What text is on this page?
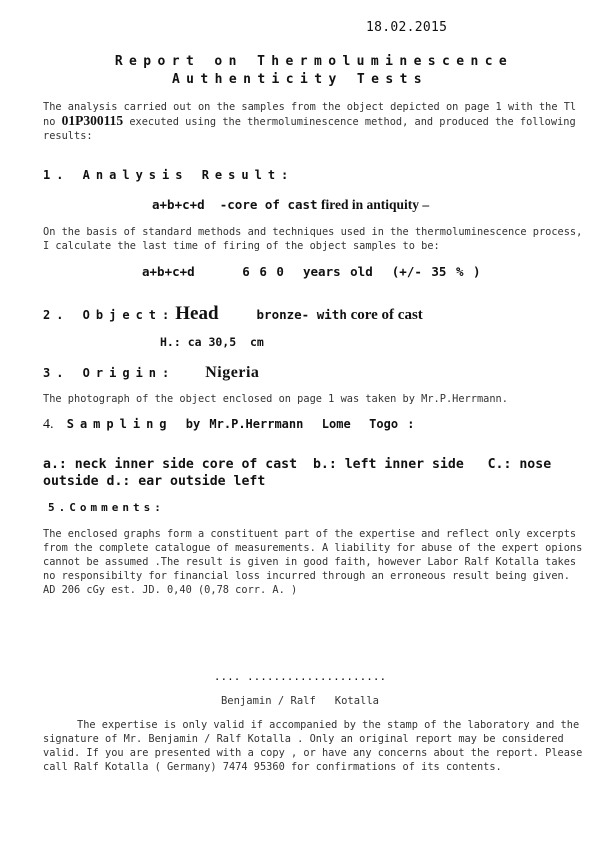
18.02.2015
Report on Thermoluminescence
Authenticity Tests
The analysis carried out on the samples from the object depicted on page 1 with the Tl no 01P300115 executed using the thermoluminescence method, and produced the following results:
1. Analysis Result:
a+b+c+d  -core of cast fired in antiquity –
On the basis of standard methods and techniques used in the thermoluminescence process, I calculate the last time of firing of the object samples to be:
a+b+c+d     6 6 0  years old  (+/- 35 % )
2. Object:Head	bronze- with core of cast
H.: ca 30,5  cm
3. Origin: Nigeria
The photograph of the object enclosed on page 1 was taken by Mr.P.Herrmann.
4. Sampling by Mr.P.Herrmann  Lome  Togo :
a.: neck inner side core of cast  b.: left inner side   C.: nose outside d.: ear outside left
5.Comments:
The enclosed graphs form a constituent part of the expertise and reflect only excerpts from the complete catalogue of measurements. A liability for abuse of the expert opions cannot be assumed .The result is given in good faith, however Labor Ralf Kotalla takes no responsibilty for financial loss incurred through an erroneous result being given. AD 206 cGy est. JD. 0,40 (0,78 corr. A. )
.... .....................
Benjamin / Ralf   Kotalla
The expertise is only valid if accompanied by the stamp of the laboratory and the signature of Mr. Benjamin / Ralf Kotalla . Only an original report may be considered valid. If you are presented with a copy , or have any concerns about the report. Please call Ralf Kotalla ( Germany) 7474 95360 for confirmations of its contents.
